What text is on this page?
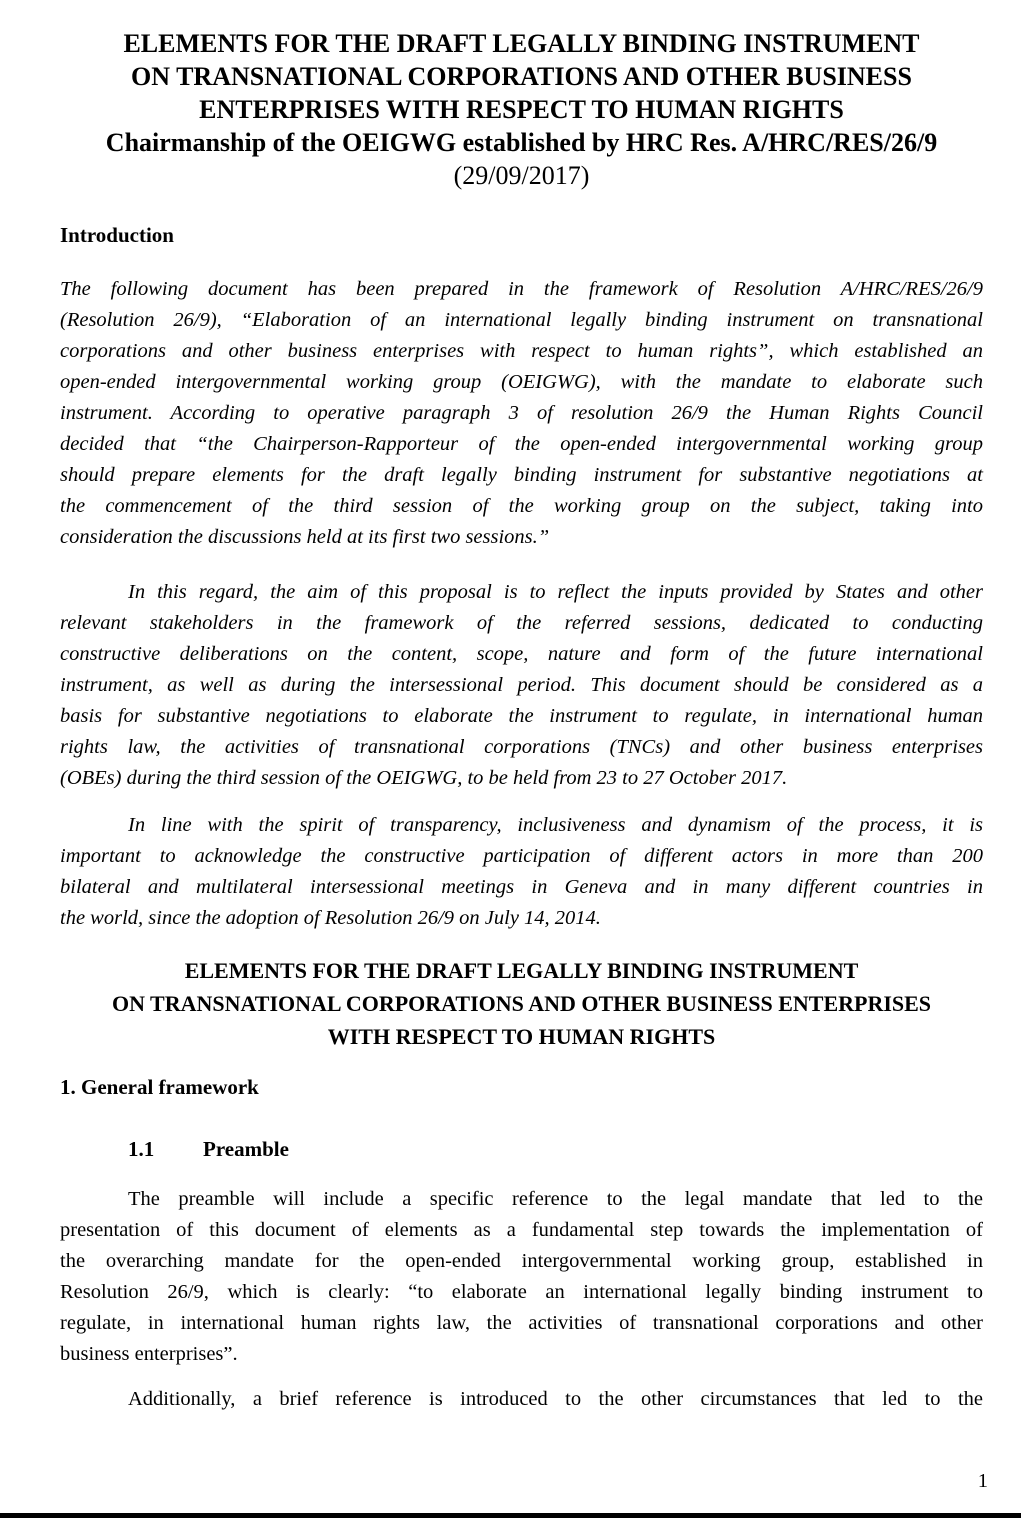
ELEMENTS FOR THE DRAFT LEGALLY BINDING INSTRUMENT
ON TRANSNATIONAL CORPORATIONS AND OTHER BUSINESS
ENTERPRISES WITH RESPECT TO HUMAN RIGHTS
Chairmanship of the OEIGWG established by HRC Res. A/HRC/RES/26/9
(29/09/2017)
Introduction
The following document has been prepared in the framework of Resolution A/HRC/RES/26/9
(Resolution 26/9), “Elaboration of an international legally binding instrument on transnational
corporations and other business enterprises with respect to human rights”, which established an
open-ended intergovernmental working group (OEIGWG), with the mandate to elaborate such
instrument. According to operative paragraph 3 of resolution 26/9 the Human Rights Council
decided that “the Chairperson-Rapporteur of the open-ended intergovernmental working group
should prepare elements for the draft legally binding instrument for substantive negotiations at
the commencement of the third session of the working group on the subject, taking into
consideration the discussions held at its first two sessions.”
In this regard, the aim of this proposal is to reflect the inputs provided by States and other
relevant stakeholders in the framework of the referred sessions, dedicated to conducting
constructive deliberations on the content, scope, nature and form of the future international
instrument, as well as during the intersessional period. This document should be considered as a
basis for substantive negotiations to elaborate the instrument to regulate, in international human
rights law, the activities of transnational corporations (TNCs) and other business enterprises
(OBEs) during the third session of the OEIGWG, to be held from 23 to 27 October 2017.
In line with the spirit of transparency, inclusiveness and dynamism of the process, it is
important to acknowledge the constructive participation of different actors in more than 200
bilateral and multilateral intersessional meetings in Geneva and in many different countries in
the world, since the adoption of Resolution 26/9 on July 14, 2014.
ELEMENTS FOR THE DRAFT LEGALLY BINDING INSTRUMENT
ON TRANSNATIONAL CORPORATIONS AND OTHER BUSINESS ENTERPRISES
WITH RESPECT TO HUMAN RIGHTS
1. General framework
1.1 Preamble
The preamble will include a specific reference to the legal mandate that led to the
presentation of this document of elements as a fundamental step towards the implementation of
the overarching mandate for the open-ended intergovernmental working group, established in
Resolution 26/9, which is clearly: “to elaborate an international legally binding instrument to
regulate, in international human rights law, the activities of transnational corporations and other
business enterprises”.
Additionally, a brief reference is introduced to the other circumstances that led to the
1
